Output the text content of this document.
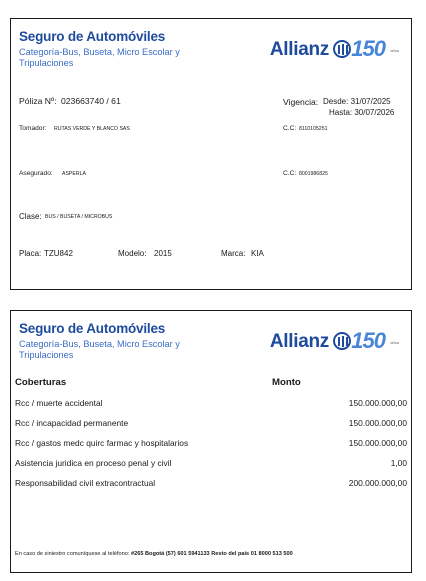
Seguro de Automóviles
Categoría-Bus, Buseta, Micro Escolar y Tripulaciones
Allianz 150 años
Póliza Nº: 023663740 / 61	Vigencia: Desde: 31/07/2025
Hasta: 30/07/2026
Tomador: RUTAS VERDE Y BLANCO SAS	C.C: 8110105251
Asegurado: ASPERLA	C.C: 8001986825
Clase: BUS / BUSETA / MICROBUS
Placa: TZU842	Modelo: 2015	Marca: KIA
Seguro de Automóviles
Categoría-Bus, Buseta, Micro Escolar y Tripulaciones
Allianz 150 años
Coberturas	Monto
Rcc / muerte accidental	150.000.000,00
Rcc / incapacidad permanente	150.000.000,00
Rcc / gastos medc quirc farmac y hospitalarios	150.000.000,00
Asistencia juridica en proceso penal y civil	1,00
Responsabilidad civil extracontractual	200.000.000,00
En caso de siniestro comuníquese al teléfono: #265 Bogotá (57) 601 5941133 Resto del país 01 8000 513 500
